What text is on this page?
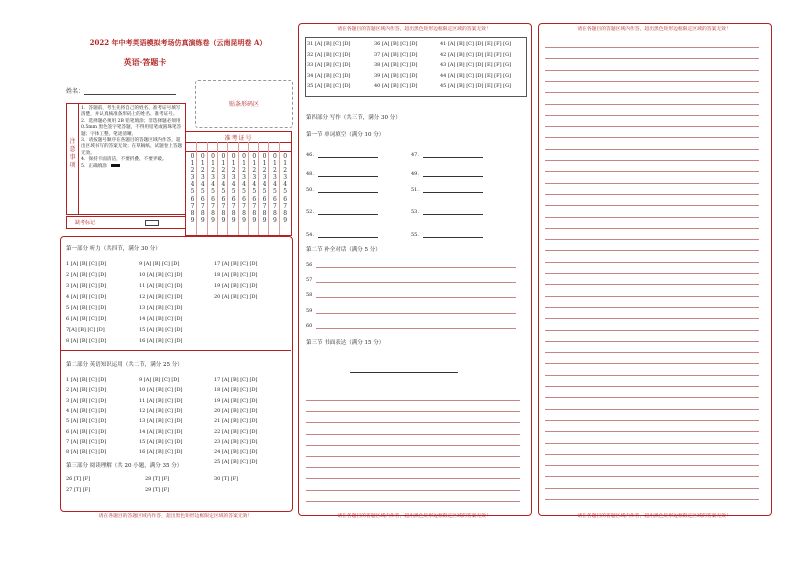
2022 年中考英语模拟考场仿真演练卷（云南昆明卷 A）
英语·答题卡
姓名：
贴条形码区
注意事项
1．答题前，考生先将自己的姓名、准考证号填写清楚，并认真核准条形码上的姓名、准考证号。
2．选择题必须用 2B 铅笔填涂；非选择题必须用 0.5mm 黑色签字笔答题，不得用铅笔或圆珠笔答题；字体工整、笔迹清晰。
3．请按题号顺序在各题目的答题区域内作答，超出区域书写的答案无效；在草稿纸、试题卷上答题无效。
4．保持卡面清洁，不要折叠、不要弄破。
5．正确填涂
准考证号
0
1
2
3
4
5
6
7
8
9
0
1
2
3
4
5
6
7
8
9
0
1
2
3
4
5
6
7
8
9
0
1
2
3
4
5
6
7
8
9
0
1
2
3
4
5
6
7
8
9
0
1
2
3
4
5
6
7
8
9
0
1
2
3
4
5
6
7
8
9
0
1
2
3
4
5
6
7
8
9
0
1
2
3
4
5
6
7
8
9
0
1
2
3
4
5
6
7
8
9
缺考标记
第一部分 听力（共四节，满分 30 分）
第二部分 英语知识运用（共二节，满分 25 分）
第三部分 阅读理解（共 20 小题，满分 35 分）
请在各题目的答题区域内作答，超出黑色矩形边框限定区域的答案无效！
请在各题目的答题区域内作答，超出黑色矩形边框限定区域的答案无效！
第四部分 写作（共三节，满分 30 分）
第一节 单词填空（满分 10 分）
第二节 补全对话（满分 5 分）
第三节 书面表达（满分 15 分）
请在各题目的答题区域内作答，超出黑色矩形边框限定区域的答案无效！
请在各题目的答题区域内作答，超出黑色矩形边框限定区域的答案无效！
请在各题目的答题区域内作答，超出黑色矩形边框限定区域的答案无效！
1 [A] [B] [C] [D]
2 [A] [B] [C] [D]
3 [A] [B] [C] [D]
4 [A] [B] [C] [D]
5 [A] [B] [C] [D]
6 [A] [B] [C] [D]
7[A] [B] [C] [D]
8 [A] [B] [C] [D]
9 [A] [B] [C] [D]
10 [A] [B] [C] [D]
11 [A] [B] [C] [D]
12 [A] [B] [C] [D]
13 [A] [B] [C] [D]
14 [A] [B] [C] [D]
15 [A] [B] [C] [D]
16 [A] [B] [C] [D]
17 [A] [B] [C] [D]
18 [A] [B] [C] [D]
19 [A] [B] [C] [D]
20 [A] [B] [C] [D]
1 [A] [B] [C] [D]
2 [A] [B] [C] [D]
3 [A] [B] [C] [D]
4 [A] [B] [C] [D]
5 [A] [B] [C] [D]
6 [A] [B] [C] [D]
7 [A] [B] [C] [D]
8 [A] [B] [C] [D]
9 [A] [B] [C] [D]
10 [A] [B] [C] [D]
11 [A] [B] [C] [D]
12 [A] [B] [C] [D]
13 [A] [B] [C] [D]
14 [A] [B] [C] [D]
15 [A] [B] [C] [D]
16 [A] [B] [C] [D]
17 [A] [B] [C] [D]
18 [A] [B] [C] [D]
19 [A] [B] [C] [D]
20 [A] [B] [C] [D]
21 [A] [B] [C] [D]
22 [A] [B] [C] [D]
23 [A] [B] [C] [D]
24 [A] [B] [C] [D]
25 [A] [B] [C] [D]
31 [A] [B] [C] [D]
32 [A] [B] [C] [D]
33 [A] [B] [C] [D]
34 [A] [B] [C] [D]
35 [A] [B] [C] [D]
36 [A] [B] [C] [D]
37 [A] [B] [C] [D]
38 [A] [B] [C] [D]
39 [A] [B] [C] [D]
40 [A] [B] [C] [D]
41 [A] [B] [C] [D] [E] [F] [G]
42 [A] [B] [C] [D] [E] [F] [G]
43 [A] [B] [C] [D] [E] [F] [G]
44 [A] [B] [C] [D] [E] [F] [G]
45 [A] [B] [C] [D] [E] [F] [G]
26 [T] [F]	28 [T] [F]	30 [T] [F]
27 [T] [F]	29 [T] [F]
46.	47.
48.	49.
50.	51.
52.	53.
54.	55.
56
57
58
59
60
